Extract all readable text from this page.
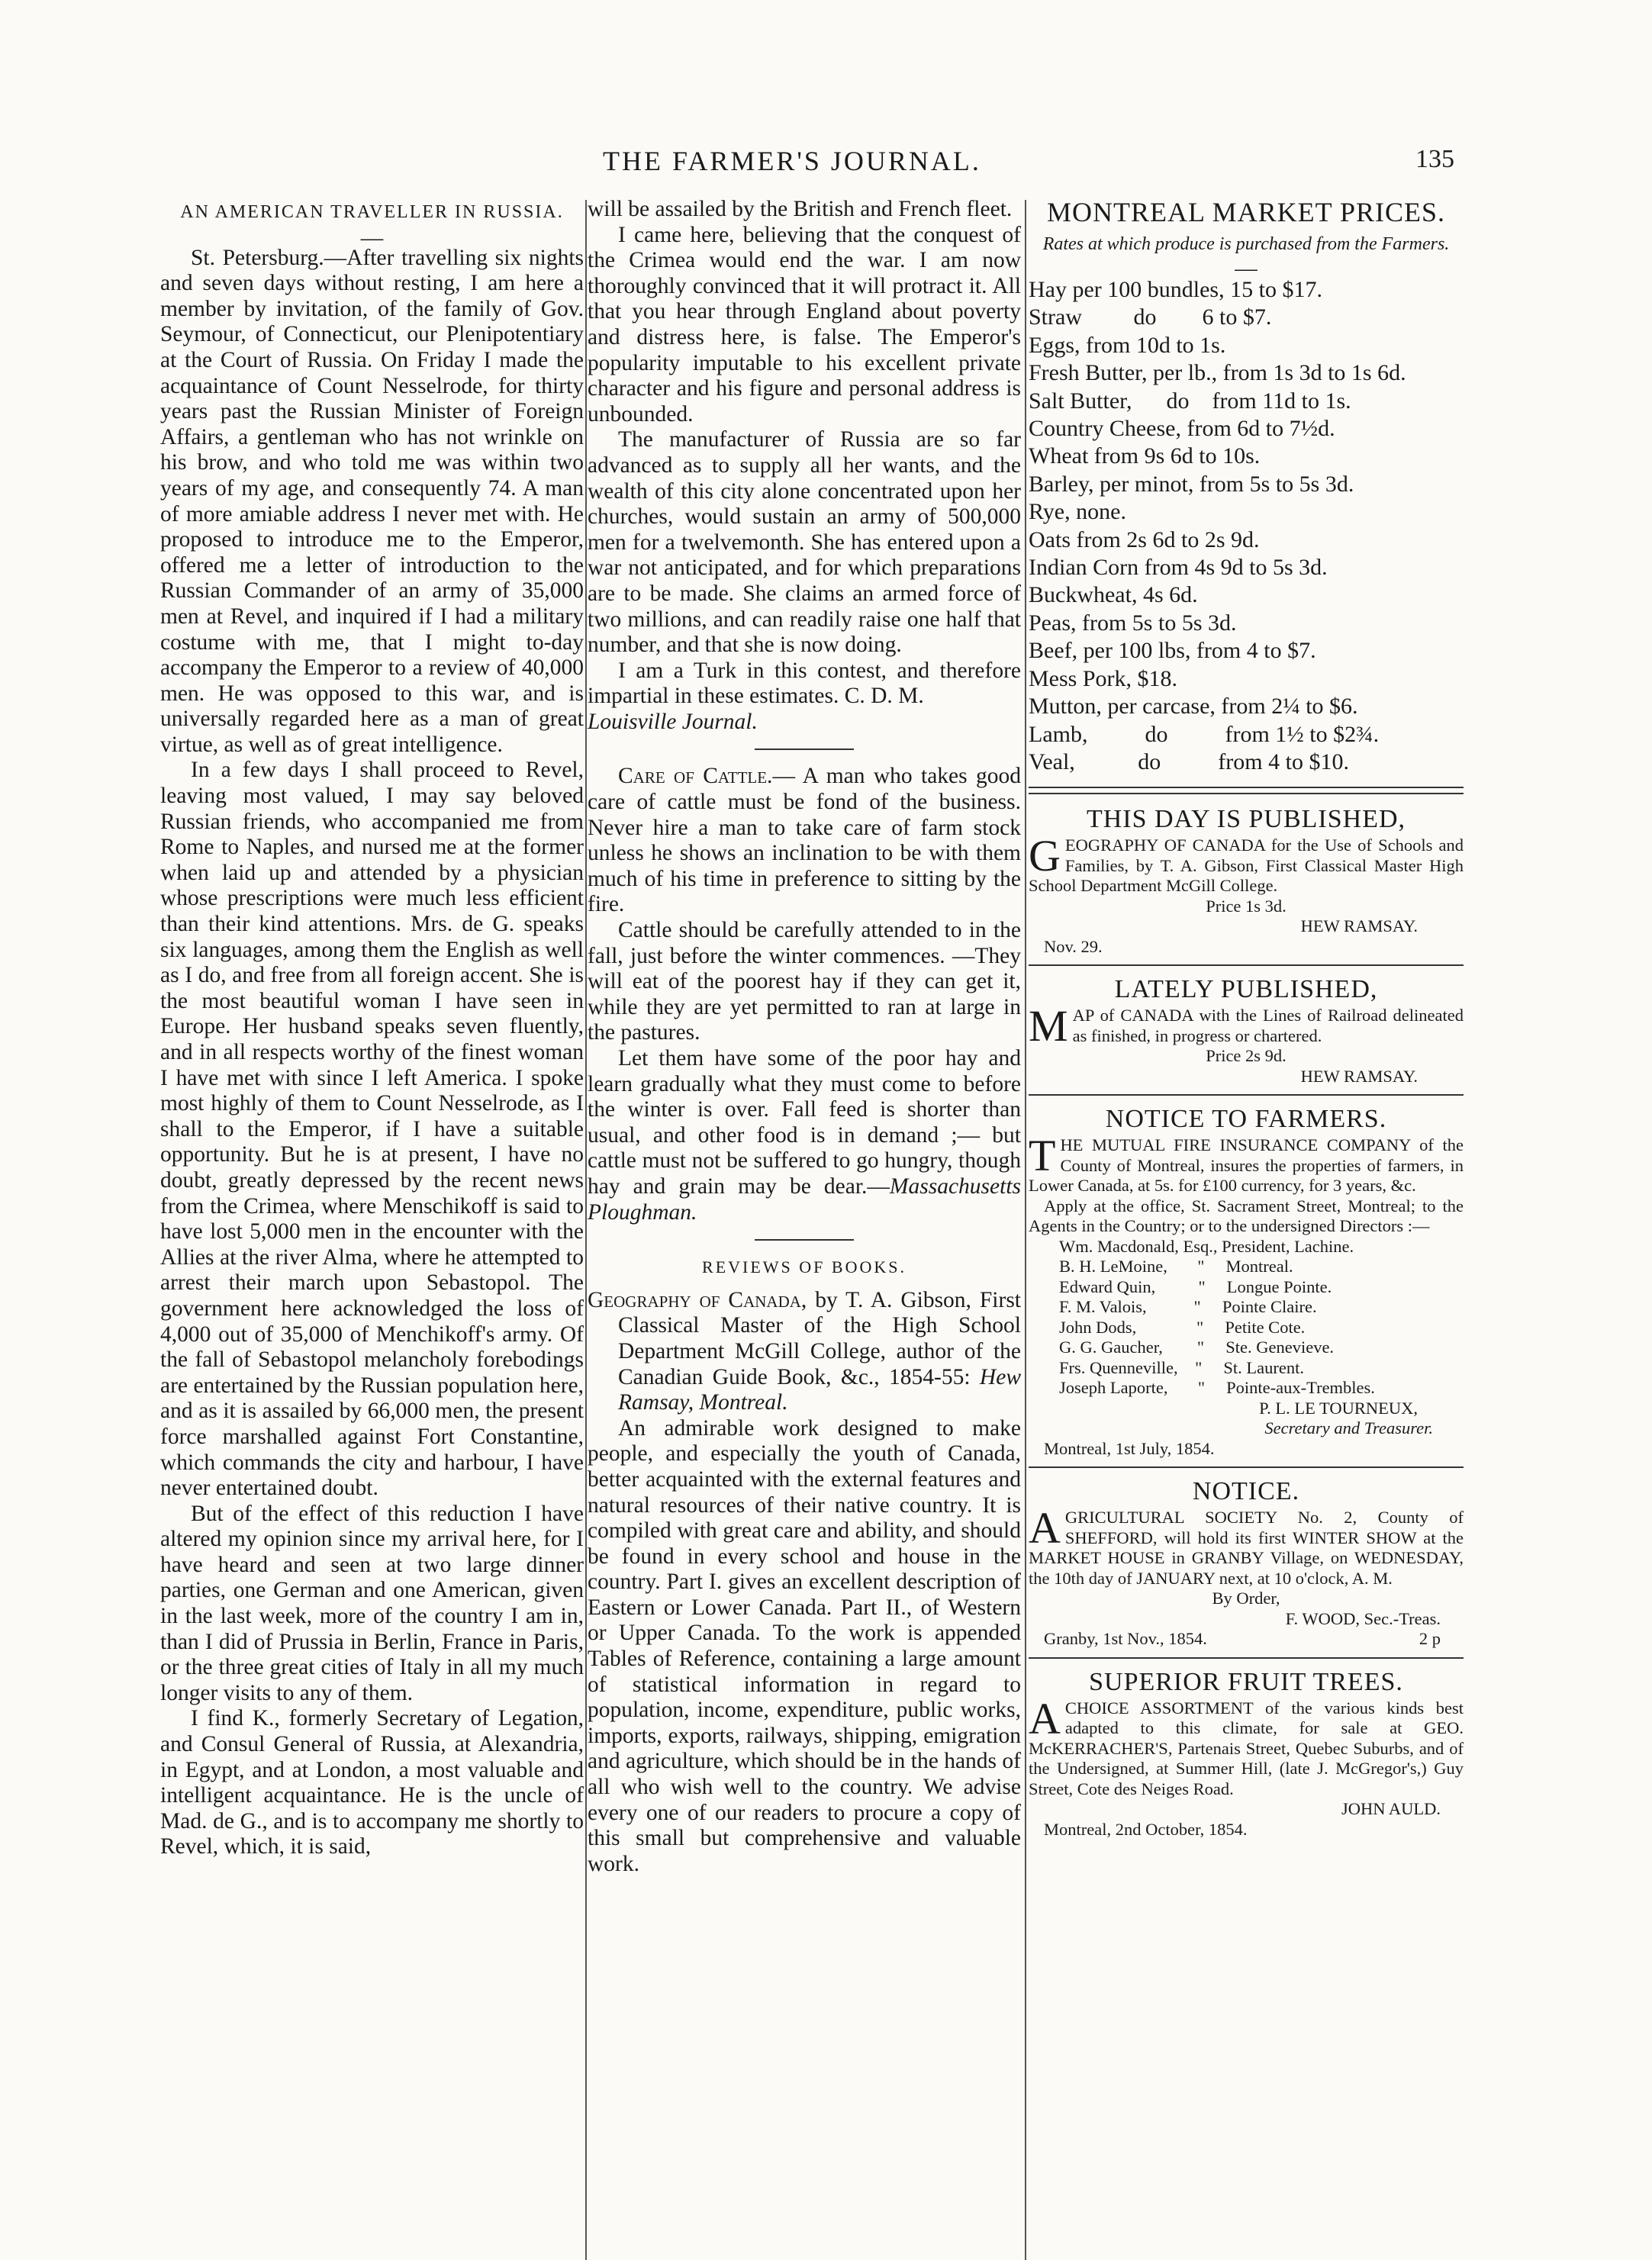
THE FARMER'S JOURNAL.	135
AN AMERICAN TRAVELLER IN RUSSIA.
—

St. Petersburg.—After travelling six nights and seven days without resting, I am here a member by invitation, of the family of Gov. Seymour, of Connecticut, our Plenipotentiary at the Court of Russia. On Friday I made the acquaintance of Count Nesselrode, for thirty years past the Russian Minister of Foreign Affairs, a gentleman who has not wrinkle on his brow, and who told me was within two years of my age, and consequently 74. A man of more amiable address I never met with. He proposed to introduce me to the Emperor, offered me a letter of introduction to the Russian Commander of an army of 35,000 men at Revel, and inquired if I had a military costume with me, that I might to-day accompany the Emperor to a review of 40,000 men. He was opposed to this war, and is universally regarded here as a man of great virtue, as well as of great intelligence.

In a few days I shall proceed to Revel, leaving most valued, I may say beloved Russian friends, who accompanied me from Rome to Naples, and nursed me at the former when laid up and attended by a physician whose prescriptions were much less efficient than their kind attentions. Mrs. de G. speaks six languages, among them the English as well as I do, and free from all foreign accent. She is the most beautiful woman I have seen in Europe. Her husband speaks seven fluently, and in all respects worthy of the finest woman I have met with since I left America. I spoke most highly of them to Count Nesselrode, as I shall to the Emperor, if I have a suitable opportunity. But he is at present, I have no doubt, greatly depressed by the recent news from the Crimea, where Menschikoff is said to have lost 5,000 men in the encounter with the Allies at the river Alma, where he attempted to arrest their march upon Sebastopol. The government here acknowledged the loss of 4,000 out of 35,000 of Menchikoff's army. Of the fall of Sebastopol melancholy forebodings are entertained by the Russian population here, and as it is assailed by 66,000 men, the present force marshalled against Fort Constantine, which commands the city and harbour, I have never entertained doubt.

But of the effect of this reduction I have altered my opinion since my arrival here, for I have heard and seen at two large dinner parties, one German and one American, given in the last week, more of the country I am in, than I did of Prussia in Berlin, France in Paris, or the three great cities of Italy in all my much longer visits to any of them.

I find K., formerly Secretary of Legation, and Consul General of Russia, at Alexandria, in Egypt, and at London, a most valuable and intelligent acquaintance. He is the uncle of Mad. de G., and is to accompany me shortly to Revel, which, it is said,

will be assailed by the British and French fleet.

I came here, believing that the conquest of the Crimea would end the war. I am now thoroughly convinced that it will protract it. All that you hear through England about poverty and distress here, is false. The Emperor's popularity imputable to his excellent private character and his figure and personal address is unbounded.

The manufacturer of Russia are so far advanced as to supply all her wants, and the wealth of this city alone concentrated upon her churches, would sustain an army of 500,000 men for a twelvemonth. She has entered upon a war not anticipated, and for which preparations are to be made. She claims an armed force of two millions, and can readily raise one half that number, and that she is now doing.

I am a Turk in this contest, and therefore impartial in these estimates. C. D. M.

Louisville Journal.

Care of Cattle.— A man who takes good care of cattle must be fond of the business. Never hire a man to take care of farm stock unless he shows an inclination to be with them much of his time in preference to sitting by the fire.

Cattle should be carefully attended to in the fall, just before the winter commences. —They will eat of the poorest hay if they can get it, while they are yet permitted to ran at large in the pastures.

Let them have some of the poor hay and learn gradually what they must come to before the winter is over. Fall feed is shorter than usual, and other food is in demand ;— but cattle must not be suffered to go hungry, though hay and grain may be dear.—Massachusetts Ploughman.

REVIEWS OF BOOKS.

Geography of Canada, by T. A. Gibson, First Classical Master of the High School Department McGill College, author of the Canadian Guide Book, &c., 1854-55: Hew Ramsay, Montreal.

An admirable work designed to make people, and especially the youth of Canada, better acquainted with the external features and natural resources of their native country. It is compiled with great care and ability, and should be found in every school and house in the country. Part I. gives an excellent description of Eastern or Lower Canada. Part II., of Western or Upper Canada. To the work is appended Tables of Reference, containing a large amount of statistical information in regard to population, income, expenditure, public works, imports, exports, railways, shipping, emigration and agriculture, which should be in the hands of all who wish well to the country. We advise every one of our readers to procure a copy of this small but comprehensive and valuable work.

MONTREAL MARKET PRICES.
Rates at which produce is purchased from the Farmers.
—
Hay per 100 bundles, 15 to $17.
Straw         do        6 to $7.
Eggs, from 10d to 1s.
Fresh Butter, per lb., from 1s 3d to 1s 6d.
Salt Butter,      do    from 11d to 1s.
Country Cheese, from 6d to 7½d.
Wheat from 9s 6d to 10s.
Barley, per minot, from 5s to 5s 3d.
Rye, none.
Oats from 2s 6d to 2s 9d.
Indian Corn from 4s 9d to 5s 3d.
Buckwheat, 4s 6d.
Peas, from 5s to 5s 3d.
Beef, per 100 lbs, from 4 to $7.
Mess Pork, $18.
Mutton, per carcase, from 2¼ to $6.
Lamb,          do          from 1½ to $2¾.
Veal,           do          from 4 to $10.
THIS DAY IS PUBLISHED,
GEOGRAPHY OF CANADA for the Use of Schools and Families, by T. A. Gibson, First Classical Master High School Department McGill College.
Price 1s 3d.
HEW RAMSAY.
Nov. 29.
LATELY PUBLISHED,
MAP of CANADA with the Lines of Railroad delineated as finished, in progress or chartered.
Price 2s 9d.
HEW RAMSAY.
NOTICE TO FARMERS.
THE MUTUAL FIRE INSURANCE COMPANY of the County of Montreal, insures the properties of farmers, in Lower Canada, at 5s. for £100 currency, for 3 years, &c.
Apply at the office, St. Sacrament Street, Montreal; to the Agents in the Country; or to the undersigned Directors :—
Wm. Macdonald, Esq., President, Lachine.
B. H. LeMoine,       "     Montreal.
Edward Quin,          "     Longue Pointe.
F. M. Valois,           "     Pointe Claire.
John Dods,              "     Petite Cote.
G. G. Gaucher,        "     Ste. Genevieve.
Frs. Quenneville,    "     St. Laurent.
Joseph Laporte,       "     Pointe-aux-Trembles.
P. L. LE TOURNEUX,
Secretary and Treasurer.
Montreal, 1st July, 1854.
NOTICE.
AGRICULTURAL SOCIETY No. 2, County of SHEFFORD, will hold its first WINTER SHOW at the MARKET HOUSE in GRANBY Village, on WEDNESDAY, the 10th day of JANUARY next, at 10 o'clock, A. M.
By Order,
F. WOOD, Sec.-Treas.
Granby, 1st Nov., 1854.	2 p
SUPERIOR FRUIT TREES.
ACHOICE ASSORTMENT of the various kinds best adapted to this climate, for sale at GEO. McKERRACHER'S, Partenais Street, Quebec Suburbs, and of the Undersigned, at Summer Hill, (late J. McGregor's,) Guy Street, Cote des Neiges Road.
JOHN AULD.
Montreal, 2nd October, 1854.
